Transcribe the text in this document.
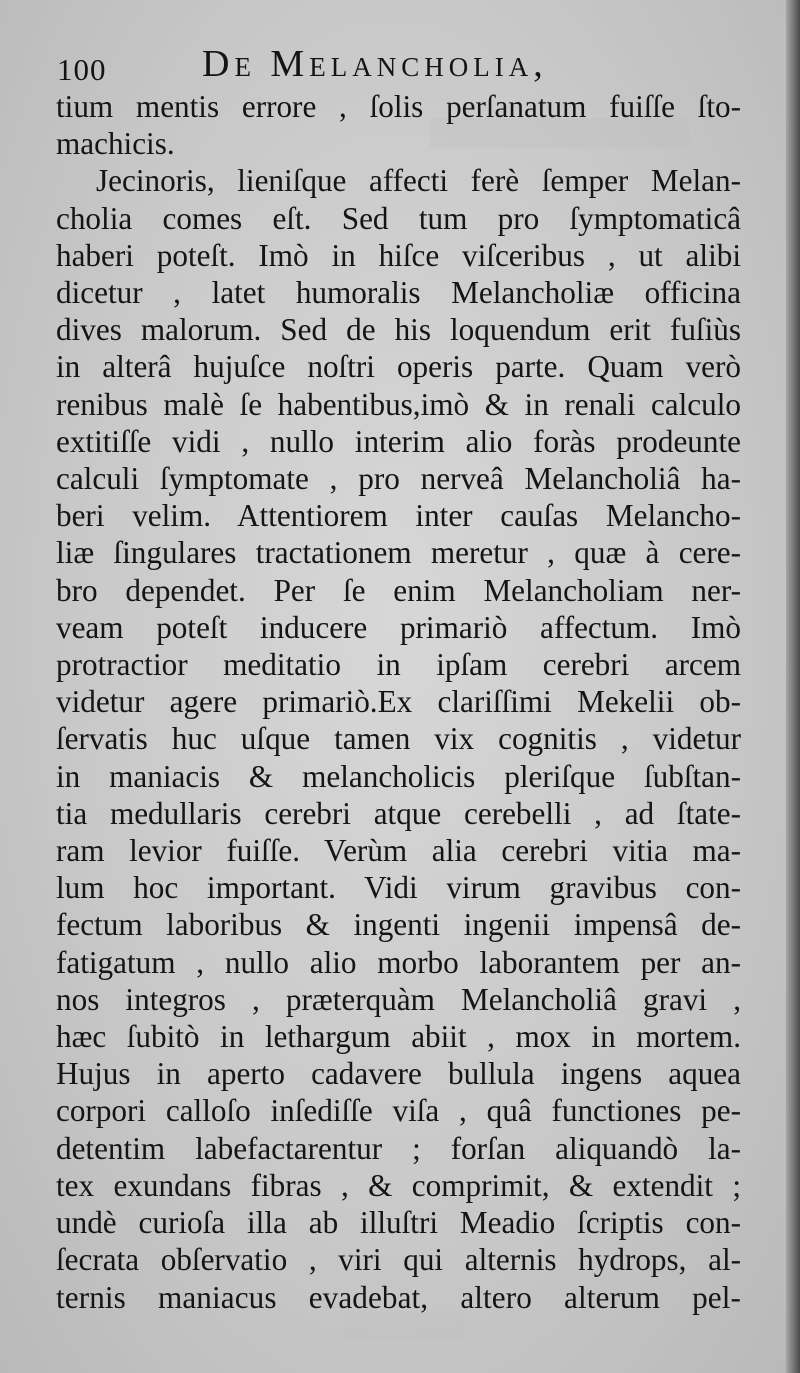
100	De Melancholia,
tium mentis errore , ſolis perſanatum fuiſſe ſto-
machicis.
Jecinoris, lieniſque affecti ferè ſemper Melan-
cholia comes eſt. Sed tum pro ſymptomaticâ
haberi poteſt. Imò in hiſce viſceribus , ut alibi
dicetur , latet humoralis Melancholiæ officina
dives malorum. Sed de his loquendum erit fuſiùs
in alterâ hujuſce noſtri operis parte. Quam verò
renibus malè ſe habentibus,imò & in renali calculo
extitiſſe vidi , nullo interim alio foràs prodeunte
calculi ſymptomate , pro nerveâ Melancholiâ ha-
beri velim. Attentiorem inter cauſas Melancho-
liæ ſingulares tractationem meretur , quæ à cere-
bro dependet. Per ſe enim Melancholiam ner-
veam poteſt inducere primariò affectum. Imò
protractior meditatio in ipſam cerebri arcem
videtur agere primariò.Ex clariſſimi Mekelii ob-
ſervatis huc uſque tamen vix cognitis , videtur
in maniacis & melancholicis pleriſque ſubſtan-
tia medullaris cerebri atque cerebelli , ad ſtate-
ram levior fuiſſe. Verùm alia cerebri vitia ma-
lum hoc important. Vidi virum gravibus con-
fectum laboribus & ingenti ingenii impensâ de-
fatigatum , nullo alio morbo laborantem per an-
nos integros , præterquàm Melancholiâ gravi ,
hæc ſubitò in lethargum abiit , mox in mortem.
Hujus in aperto cadavere bullula ingens aquea
corpori calloſo inſediſſe viſa , quâ functiones pe-
detentim labefactarentur ; forſan aliquandò la-
tex exundans fibras , & comprimit, & extendit ;
undè curioſa illa ab illuſtri Meadio ſcriptis con-
ſecrata obſervatio , viri qui alternis hydrops, al-
ternis maniacus evadebat, altero alterum pel-
